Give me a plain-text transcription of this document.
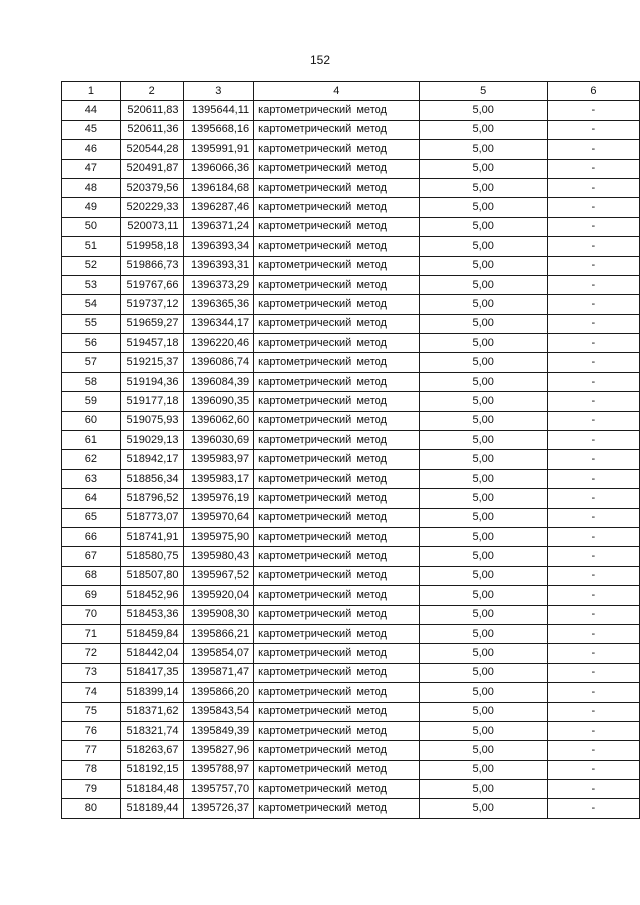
152
1	2	3	4	5	6
44	520611,83	1395644,11	картометрический метод	5,00	-
45	520611,36	1395668,16	картометрический метод	5,00	-
46	520544,28	1395991,91	картометрический метод	5,00	-
47	520491,87	1396066,36	картометрический метод	5,00	-
48	520379,56	1396184,68	картометрический метод	5,00	-
49	520229,33	1396287,46	картометрический метод	5,00	-
50	520073,11	1396371,24	картометрический метод	5,00	-
51	519958,18	1396393,34	картометрический метод	5,00	-
52	519866,73	1396393,31	картометрический метод	5,00	-
53	519767,66	1396373,29	картометрический метод	5,00	-
54	519737,12	1396365,36	картометрический метод	5,00	-
55	519659,27	1396344,17	картометрический метод	5,00	-
56	519457,18	1396220,46	картометрический метод	5,00	-
57	519215,37	1396086,74	картометрический метод	5,00	-
58	519194,36	1396084,39	картометрический метод	5,00	-
59	519177,18	1396090,35	картометрический метод	5,00	-
60	519075,93	1396062,60	картометрический метод	5,00	-
61	519029,13	1396030,69	картометрический метод	5,00	-
62	518942,17	1395983,97	картометрический метод	5,00	-
63	518856,34	1395983,17	картометрический метод	5,00	-
64	518796,52	1395976,19	картометрический метод	5,00	-
65	518773,07	1395970,64	картометрический метод	5,00	-
66	518741,91	1395975,90	картометрический метод	5,00	-
67	518580,75	1395980,43	картометрический метод	5,00	-
68	518507,80	1395967,52	картометрический метод	5,00	-
69	518452,96	1395920,04	картометрический метод	5,00	-
70	518453,36	1395908,30	картометрический метод	5,00	-
71	518459,84	1395866,21	картометрический метод	5,00	-
72	518442,04	1395854,07	картометрический метод	5,00	-
73	518417,35	1395871,47	картометрический метод	5,00	-
74	518399,14	1395866,20	картометрический метод	5,00	-
75	518371,62	1395843,54	картометрический метод	5,00	-
76	518321,74	1395849,39	картометрический метод	5,00	-
77	518263,67	1395827,96	картометрический метод	5,00	-
78	518192,15	1395788,97	картометрический метод	5,00	-
79	518184,48	1395757,70	картометрический метод	5,00	-
80	518189,44	1395726,37	картометрический метод	5,00	-
